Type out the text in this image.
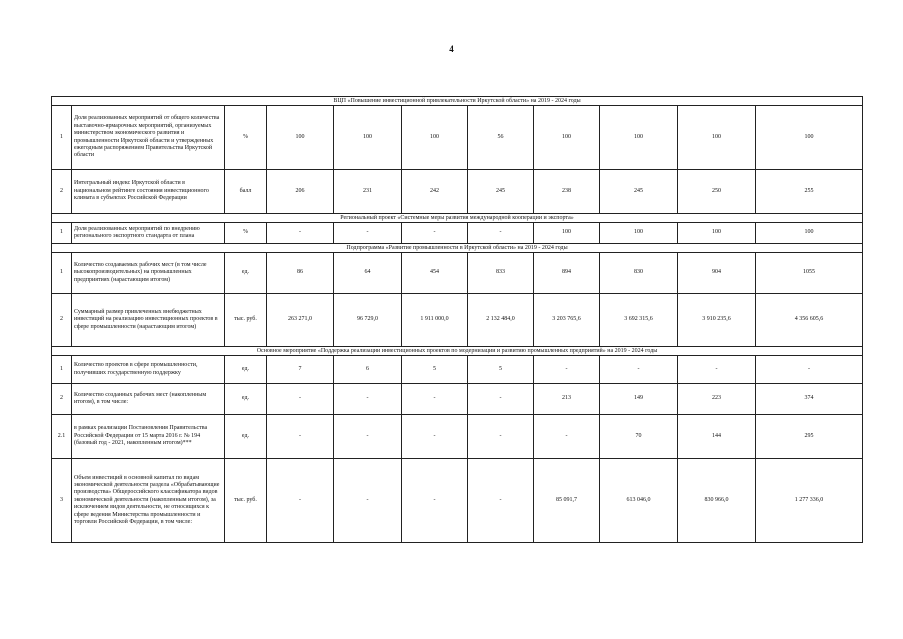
4
ВЦП «Повышение инвестиционной привлекательности Иркутской области» на 2019 - 2024 годы										
1	Доля реализованных мероприятий от общего количества выставочно-ярмарочных мероприятий, организуемых министерством экономического развития и промышленности Иркутской области и утвержденных ежегодным распоряжением Правительства Иркутской области	%	100	100	100	56	100	100	100	100
2	Интегральный индекс Иркутской области в национальном рейтинге состояния инвестиционного климата в субъектах Российской Федерации	балл	206	231	242	245	238	245	250	255
Региональный проект «Системные меры развития международной кооперации и экспорта»										
1	Доля реализованных мероприятий по внедрению регионального экспортного стандарта от плана	%	-	-	-	-	100	100	100	100
Подпрограмма «Развитие промышленности в Иркутской области» на 2019 - 2024 годы										
1	Количество создаваемых рабочих мест (в том числе высокопроизводительных) на промышленных предприятиях (нарастающим итогом)	ед.	86	64	454	833	894	830	904	1055
2	Суммарный размер привлеченных внебюджетных инвестиций на реализацию инвестиционных проектов в сфере промышленности (нарастающим итогом)	тыс. руб.	263 271,0	96 729,0	1 911 000,0	2 132 484,0	3 203 765,6	3 692 315,6	3 910 235,6	4 356 605,6
Основное мероприятие «Поддержка реализации инвестиционных проектов по модернизации и развитию промышленных предприятий» на 2019 - 2024 годы										
1	Количество проектов в сфере промышленности, получивших государственную поддержку	ед.	7	6	5	5	-	-	-	-
2	Количество созданных рабочих мест (накопленным итогом), в том числе:	ед.	-	-	-	-	213	149	223	374
2.1	в рамках реализации Постановления Правительства Российской Федерации от 15 марта 2016 г. № 194 (базовый год - 2021, накопленным итогом)***	ед.	-	-	-	-	-	70	144	295
3	Объем инвестиций в основной капитал по видам экономической деятельности раздела «Обрабатывающие производства» Общероссийского классификатора видов экономической деятельности (накопленным итогом), за исключением видов деятельности, не относящихся к сфере ведения Министерства промышленности и торговли Российской Федерации, в том числе:	тыс. руб.	-	-	-	-	85 091,7	613 046,0	830 966,0	1 277 336,0
